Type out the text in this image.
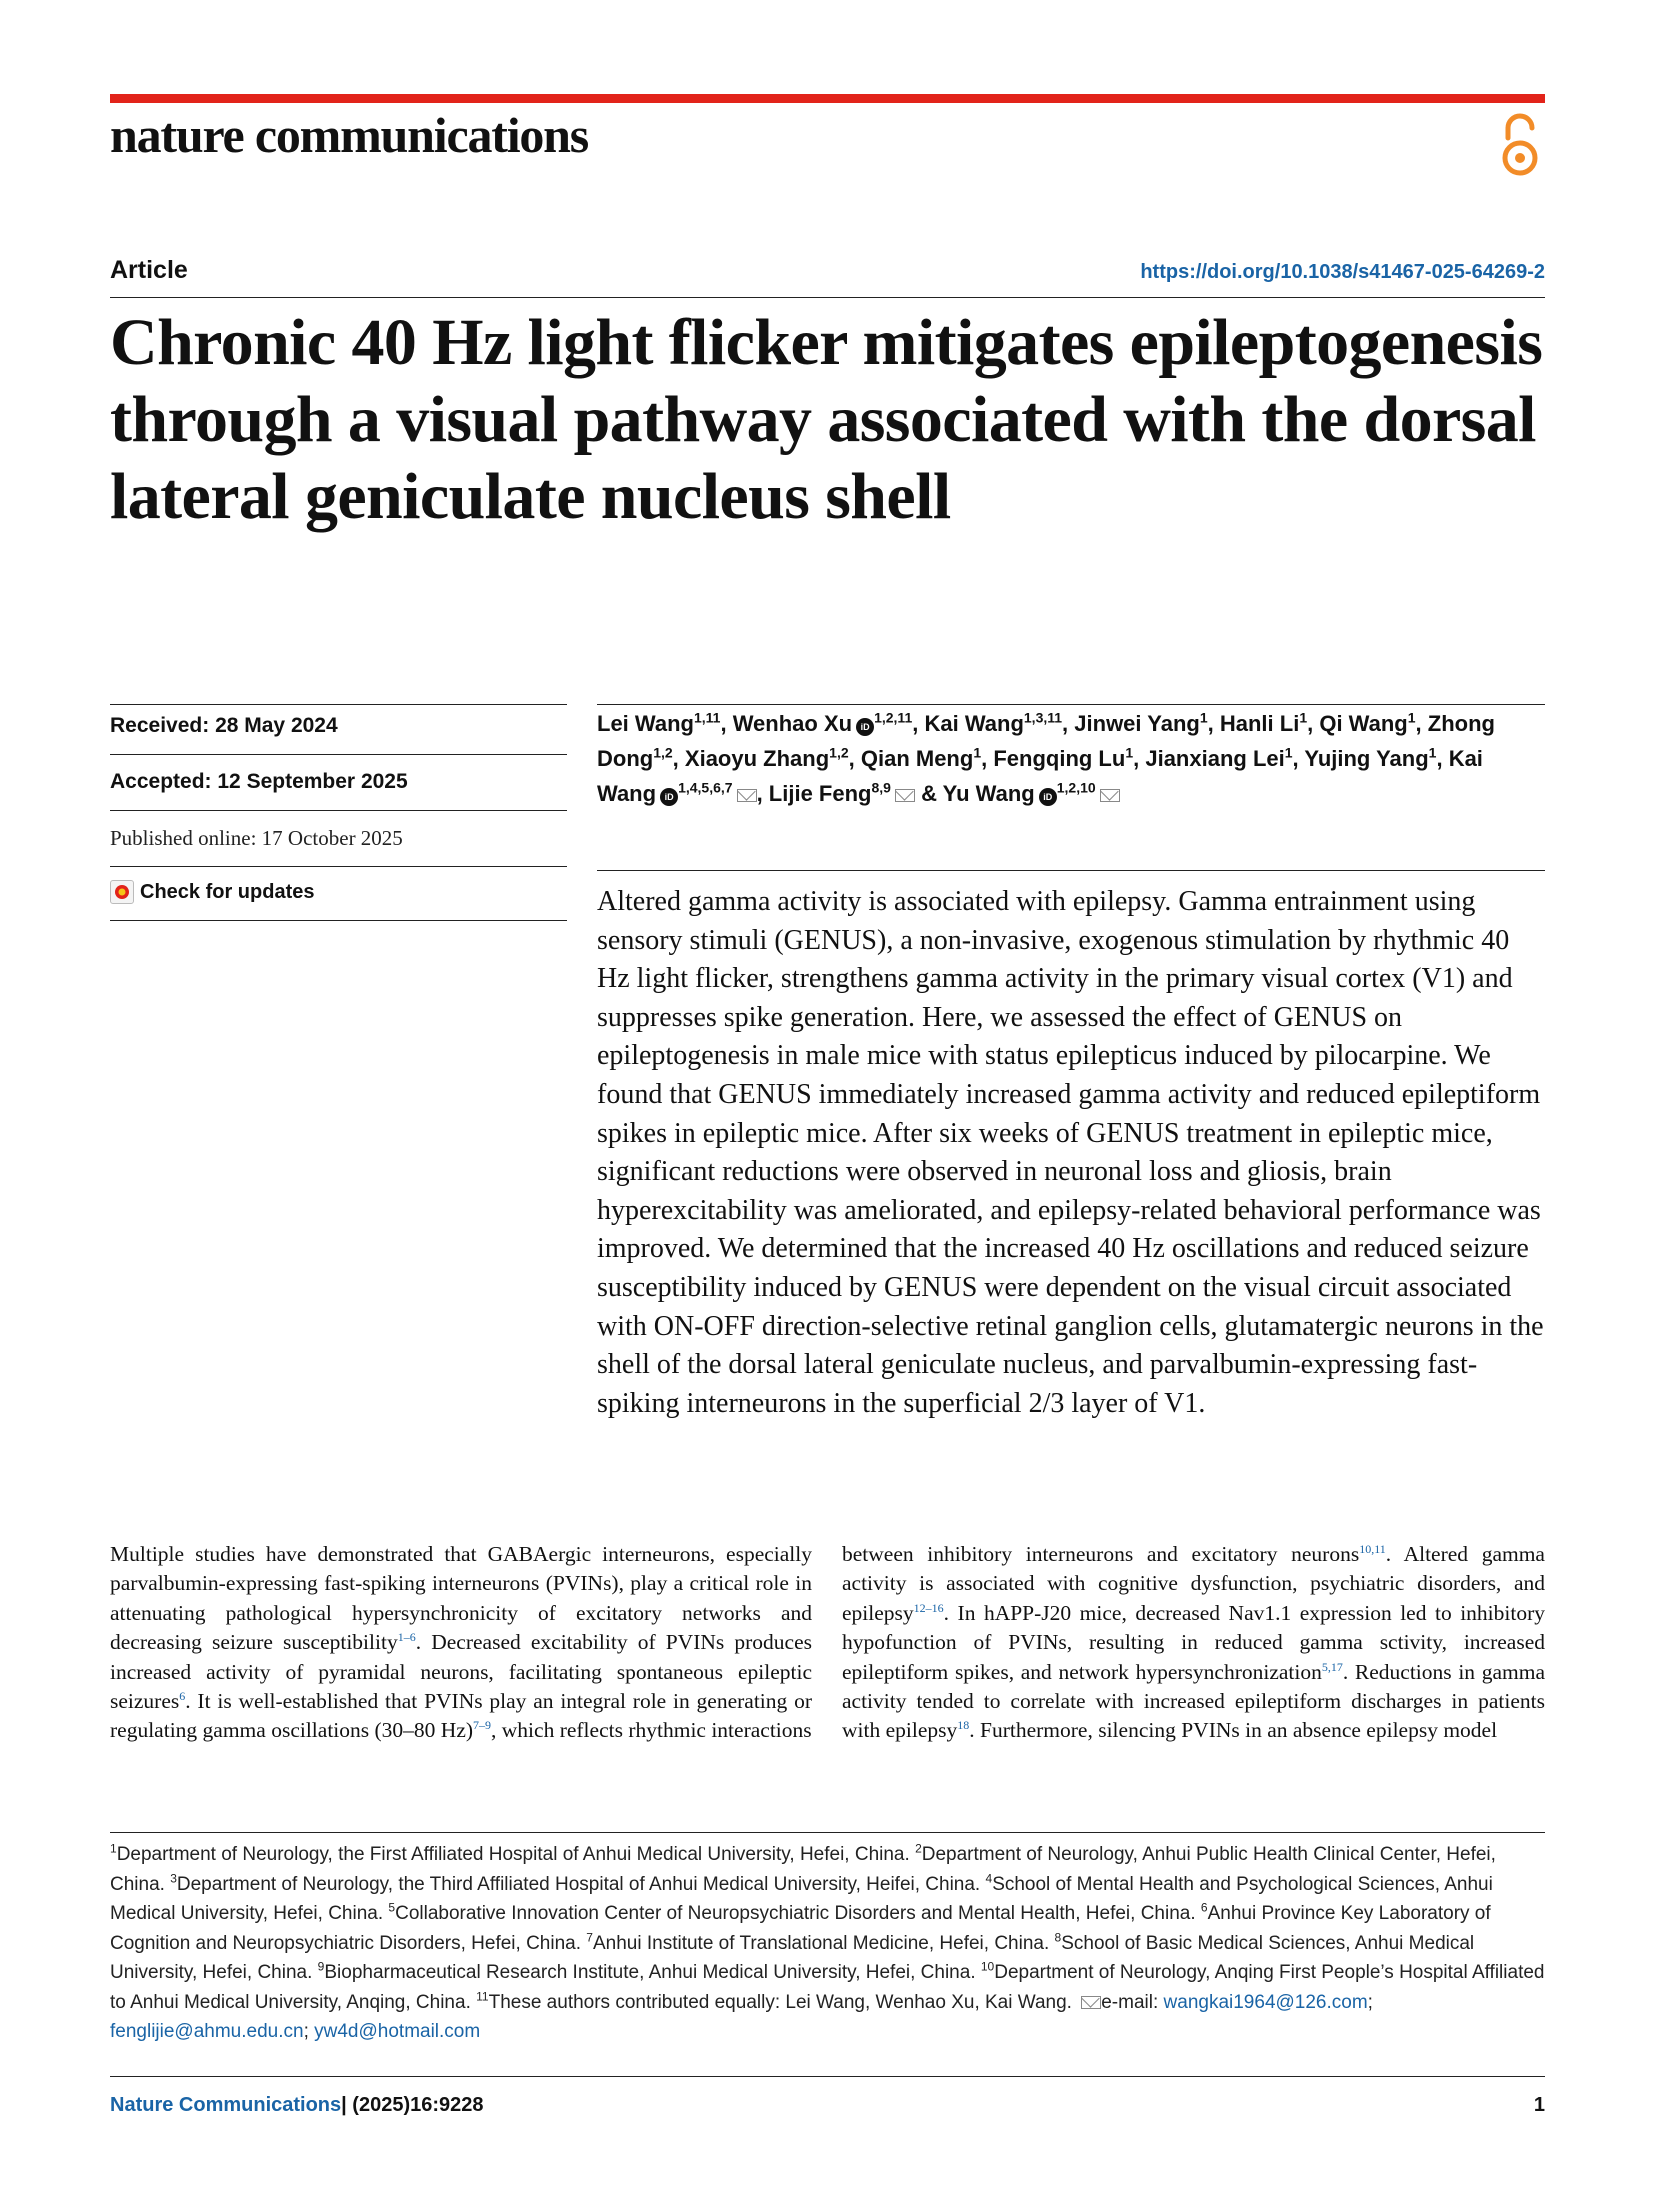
nature communications
Article	https://doi.org/10.1038/s41467-025-64269-2
Chronic 40 Hz light flicker mitigates epileptogenesis through a visual pathway associated with the dorsal lateral geniculate nucleus shell
Received: 28 May 2024
Accepted: 12 September 2025
Published online: 17 October 2025
Check for updates
Lei Wang$^{1,11}$, Wenhao Xu iD$^{1,2,11}$, Kai Wang$^{1,3,11}$, Jinwei Yang$^1$, Hanli Li$^1$, Qi Wang$^1$, Zhong Dong$^{1,2}$, Xiaoyu Zhang$^{1,2}$, Qian Meng$^1$, Fengqing Lu$^1$, Jianxiang Lei$^1$, Yujing Yang$^1$, Kai Wang iD$^{1,4,5,6,7}$ , Lijie Feng$^{8,9}$ & Yu Wang iD$^{1,2,10}$
Altered gamma activity is associated with epilepsy. Gamma entrainment using sensory stimuli (GENUS), a non-invasive, exogenous stimulation by rhythmic 40 Hz light flicker, strengthens gamma activity in the primary visual cortex (V1) and suppresses spike generation. Here, we assessed the effect of GENUS on epileptogenesis in male mice with status epilepticus induced by pilocarpine. We found that GENUS immediately increased gamma activity and reduced epileptiform spikes in epileptic mice. After six weeks of GENUS treatment in epileptic mice, significant reductions were observed in neuronal loss and gliosis, brain hyperexcitability was ameliorated, and epilepsy-related behavioral performance was improved. We determined that the increased 40 Hz oscillations and reduced seizure susceptibility induced by GENUS were dependent on the visual circuit associated with ON-OFF direction-selective retinal ganglion cells, glutamatergic neurons in the shell of the dorsal lateral geniculate nucleus, and parvalbumin-expressing fast-spiking interneurons in the superficial 2/3 layer of V1.
Multiple studies have demonstrated that GABAergic interneurons, especially parvalbumin-expressing fast-spiking interneurons (PVINs), play a critical role in attenuating pathological hypersynchronicity of excitatory networks and decreasing seizure susceptibility$^{1-6}$. Decreased excitability of PVINs produces increased activity of pyramidal neurons, facilitating spontaneous epileptic seizures$^6$. It is well-established that PVINs play an integral role in generating or regulating gamma oscillations (30–80 Hz)$^{7-9}$, which reflects rhythmic interactions
between inhibitory interneurons and excitatory neurons$^{10,11}$. Altered gamma activity is associated with cognitive dysfunction, psychiatric disorders, and epilepsy$^{12-16}$. In hAPP-J20 mice, decreased Nav1.1 expression led to inhibitory hypofunction of PVINs, resulting in reduced gamma sctivity, increased epileptiform spikes, and network hypersynchronization$^{5,17}$. Reductions in gamma activity tended to correlate with increased epileptiform discharges in patients with epilepsy$^{18}$. Furthermore, silencing PVINs in an absence epilepsy model
$^1$Department of Neurology, the First Affiliated Hospital of Anhui Medical University, Hefei, China. $^2$Department of Neurology, Anhui Public Health Clinical Center, Hefei, China. $^3$Department of Neurology, the Third Affiliated Hospital of Anhui Medical University, Heifei, China. $^4$School of Mental Health and Psychological Sciences, Anhui Medical University, Hefei, China. $^5$Collaborative Innovation Center of Neuropsychiatric Disorders and Mental Health, Hefei, China. $^6$Anhui Province Key Laboratory of Cognition and Neuropsychiatric Disorders, Hefei, China. $^7$Anhui Institute of Translational Medicine, Hefei, China. $^8$School of Basic Medical Sciences, Anhui Medical University, Hefei, China. $^9$Biopharmaceutical Research Institute, Anhui Medical University, Hefei, China. $^{10}$Department of Neurology, Anqing First People’s Hospital Affiliated to Anhui Medical University, Anqing, China. $^{11}$These authors contributed equally: Lei Wang, Wenhao Xu, Kai Wang. e-mail: wangkai1964@126.com; fenglijie@ahmu.edu.cn; yw4d@hotmail.com
Nature Communications| (2025)16:9228	1
